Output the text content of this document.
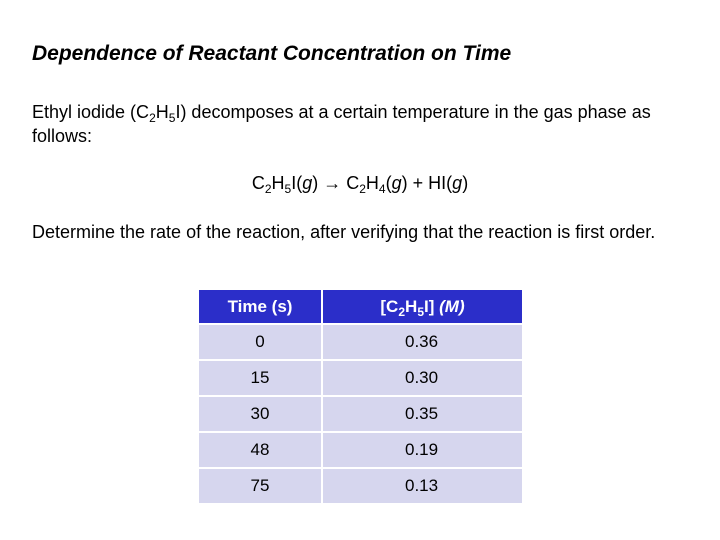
Dependence of Reactant Concentration on Time
Ethyl iodide $(C_2H_5I)$ decomposes at a certain temperature in the gas phase as follows:
$C_2H_5I(g) \to C_2H_4(g) + HI(g)$
Determine the rate of the reaction, after verifying that the reaction is first order.
Time (s)	$[C_2H_5I]$ (M)
0	0.36
15	0.30
30	0.35
48	0.19
75	0.13
